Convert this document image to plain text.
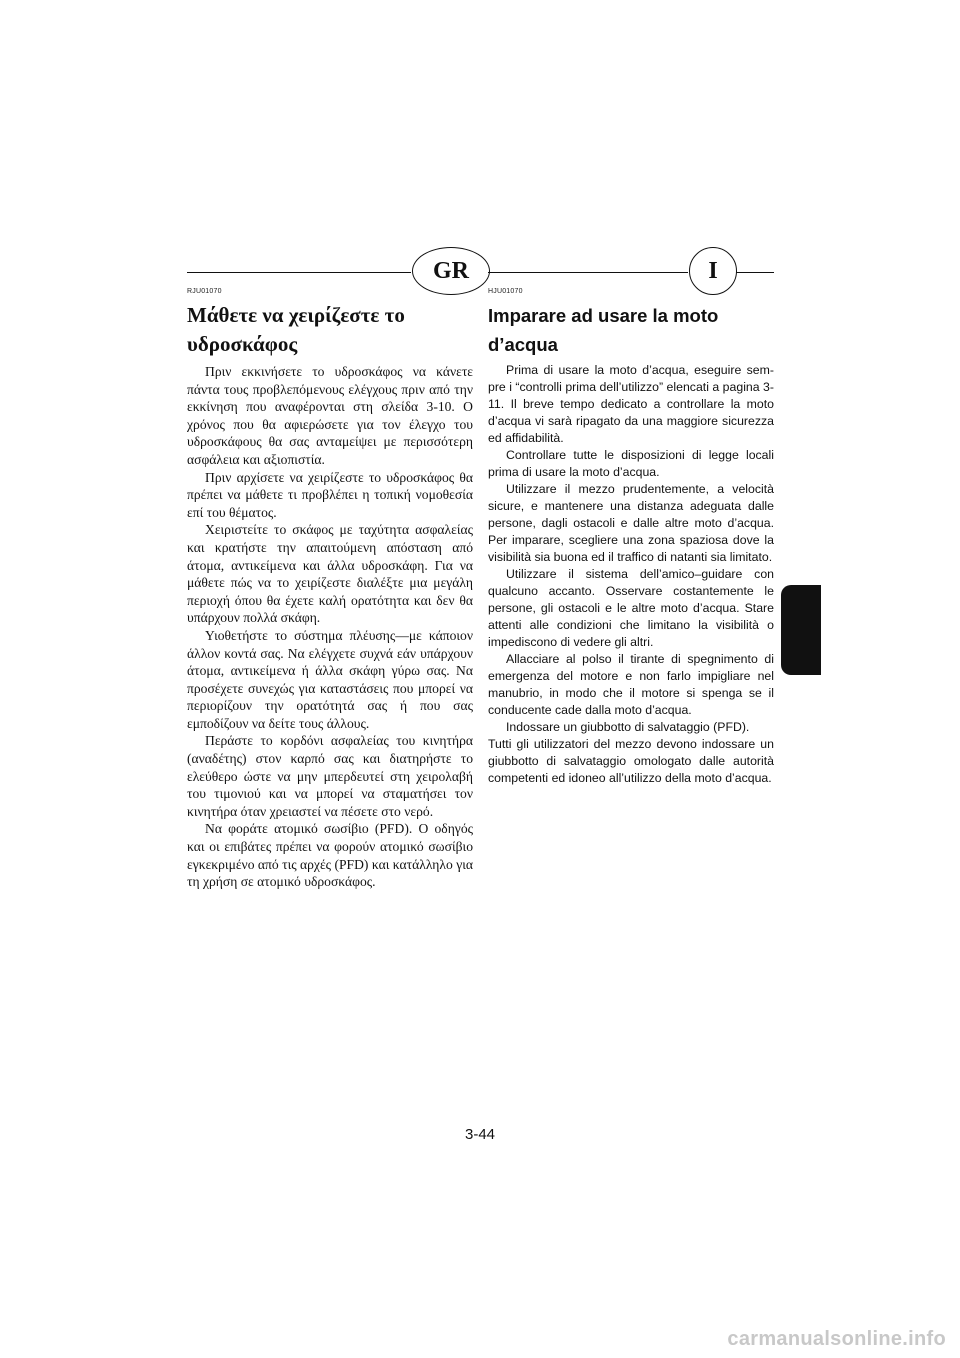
GR	I
RJU01070
Μάθετε να χειρίζεστε το
υδροσκάφος

Πριν εκκινήσετε το υδροσκάφος να κάνετε πάντα τους προβλεπόμενους ελέγχους πριν από την εκκίνηση που αναφέρονται στη σλείδα 3-10. Ο χρόνος που θα αφιερώσετε για τον έλεγχο του υδροσκάφους θα σας ανταμείψει με περισσότερη ασφάλεια και αξιοπιστία.

Πριν αρχίσετε να χειρίζεστε το υδροσκάφος θα πρέπει να μάθετε τι προβλέπει η τοπική νομοθεσία επί του θέματος.

Χειριστείτε το σκάφος με ταχύτητα ασφαλείας και κρατήστε την απαιτούμενη απόσταση από άτομα, αντικείμενα και άλλα υδροσκάφη. Για να μάθετε πώς να το χειρίζεστε διαλέξτε μια μεγάλη περιοχή όπου θα έχετε καλή ορατότητα και δεν θα υπάρχουν πολλά σκάφη.

Υιοθετήστε το σύστημα πλέυσης—με κάποιον άλλον κοντά σας. Να ελέγχετε συχνά εάν υπάρχουν άτομα, αντικείμενα ή άλλα σκάφη γύρω σας. Να προσέχετε συνεχώς για καταστάσεις που μπορεί να περιορίζουν την ορατότητά σας ή που σας εμποδίζουν να δείτε τους άλλους.

Περάστε το κορδόνι ασφαλείας του κινητήρα (αναδέτης) στον καρπό σας και διατηρήστε το ελεύθερο ώστε να μην μπερδευτεί στη χειρολαβή του τιμονιού και να μπορεί να σταματήσει τον κινητήρα όταν χρειαστεί να πέσετε στο νερό.

Να φοράτε ατομικό σωσίβιο (PFD). Ο οδηγός και οι επιβάτες πρέπει να φορούν ατομικό σωσίβιο εγκεκριμένο από τις αρχές (PFD) και κατάλληλο για τη χρήση σε ατομικό υδροσκάφος.

HJU01070
Imparare ad usare la moto
d’acqua

Prima di usare la moto d’acqua, eseguire sem-pre i “controlli prima dell’utilizzo” elencati a pagina 3-11. Il breve tempo dedicato a controllare la moto d’acqua vi sarà ripagato da una maggiore sicurezza ed affidabilità.

Controllare tutte le disposizioni di legge locali prima di usare la moto d’acqua.

Utilizzare il mezzo prudentemente, a velocità sicure, e mantenere una distanza adeguata dalle persone, dagli ostacoli e dalle altre moto d’acqua. Per imparare, scegliere una zona spaziosa dove la visibilità sia buona ed il traffico di natanti sia limitato.

Utilizzare il sistema dell’amico–guidare con qualcuno accanto. Osservare costantemente le persone, gli ostacoli e le altre moto d’acqua. Stare attenti alle condizioni che limitano la visibilità o impediscono di vedere gli altri.

Allacciare al polso il tirante di spegnimento di emergenza del motore e non farlo impigliare nel manubrio, in modo che il motore si spenga se il conducente cade dalla moto d’acqua.

Indossare un giubbotto di salvataggio (PFD).

Tutti gli utilizzatori del mezzo devono indossare un giubbotto di salvataggio omologato dalle autorità competenti ed idoneo all’utilizzo della moto d’acqua.

3-44
carmanualsonline.info
